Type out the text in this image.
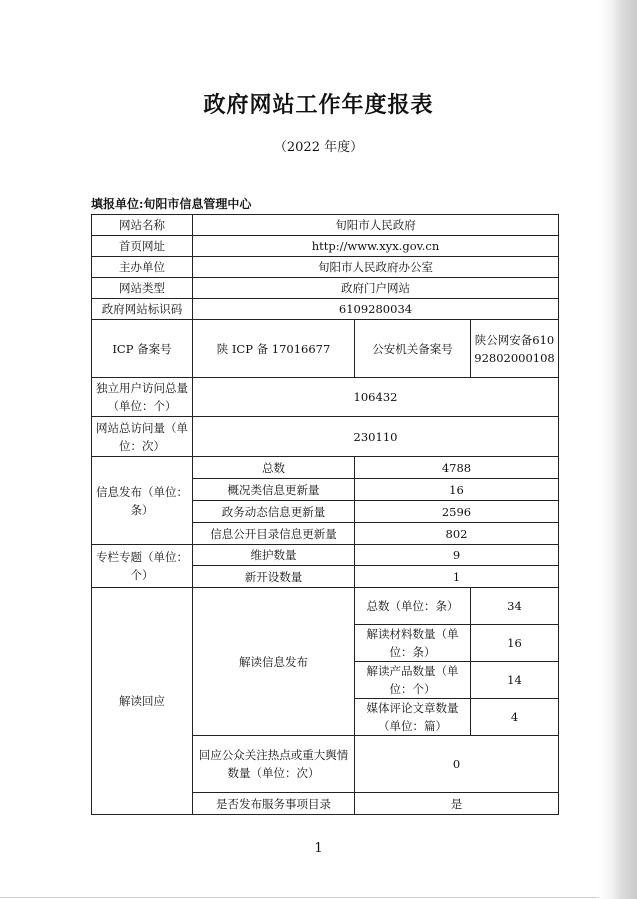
政府网站工作年度报表
（2022 年度）
填报单位:旬阳市信息管理中心

网站名称	旬阳市人民政府		
首页网址	http://www.xyx.gov.cn		
主办单位	旬阳市人民政府办公室		
网站类型	政府门户网站		
政府网站标识码	6109280034		
ICP 备案号	陕 ICP 备 17016677	公安机关备案号	陕公网安备61092802000108
独立用户访问总量（单位：个）	106432		
网站总访问量（单位：次）	230110		
信息发布（单位：条）	总数	4788	
	概况类信息更新量	16	
	政务动态信息更新量	2596	
	信息公开目录信息更新量	802	
专栏专题（单位：个）	维护数量	9	
	新开设数量	1	
解读回应	解读信息发布	总数（单位：条）	34
		解读材料数量（单位：条）	16
		解读产品数量（单位：个）	14
		媒体评论文章数量（单位：篇）	4
	回应公众关注热点或重大舆情数量（单位：次）	0	
	是否发布服务事项目录	是	
1
